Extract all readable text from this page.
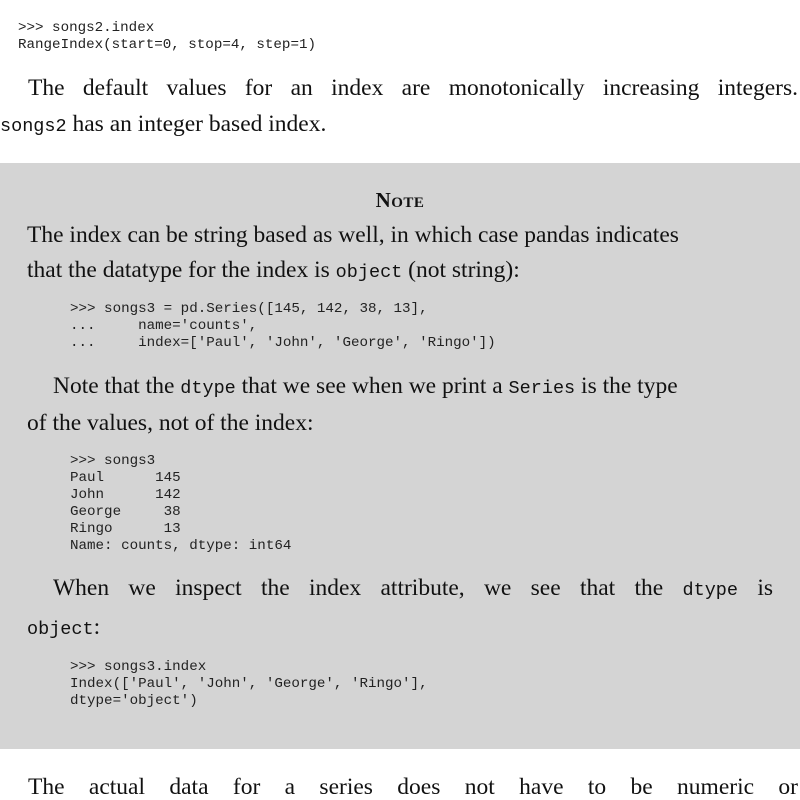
>>> songs2.index
RangeIndex(start=0, stop=4, step=1)

The default values for an index are monotonically increasing integers.

songs2 has an integer based index.

Note

The index can be string based as well, in which case pandas indicates

that the datatype for the index is object (not string):

>>> songs3 = pd.Series([145, 142, 38, 13],
...     name='counts',
...     index=['Paul', 'John', 'George', 'Ringo'])

Note that the dtype that we see when we print a Series is the type

of the values, not of the index:

>>> songs3
Paul      145
John      142
George     38
Ringo      13
Name: counts, dtype: int64

When we inspect the index attribute, we see that the dtype is

object:

>>> songs3.index
Index(['Paul', 'John', 'George', 'Ringo'],
dtype='object')

The actual data for a series does not have to be numeric or
